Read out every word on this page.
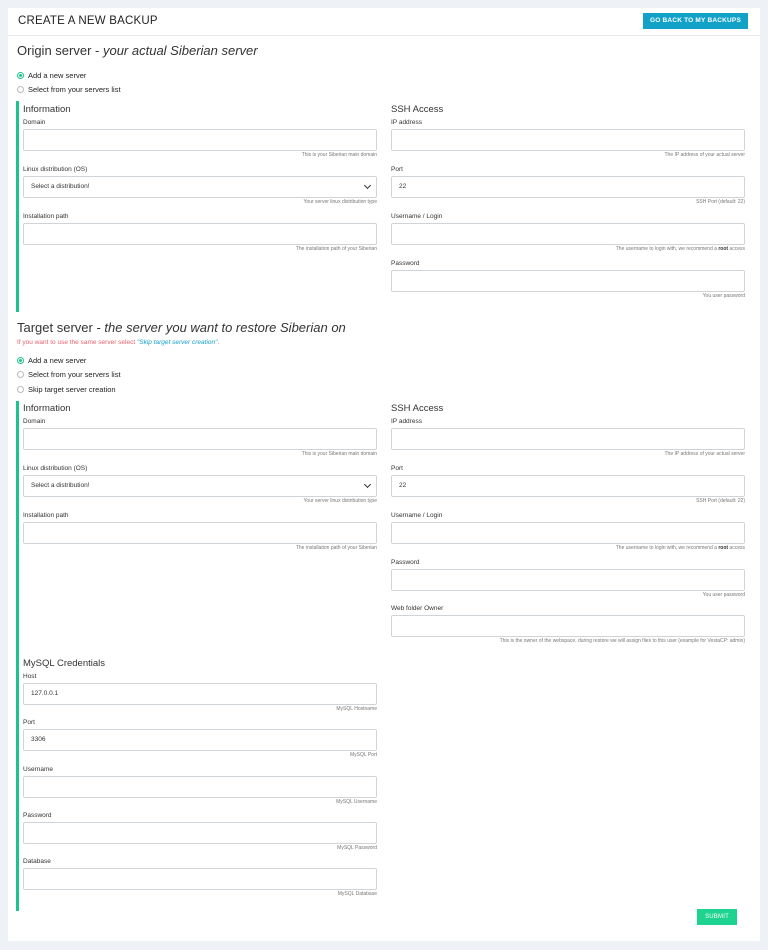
CREATE A NEW BACKUP	GO BACK TO MY BACKUPS
Origin server - your actual Siberian server
Add a new server
Select from your servers list
Information	SSH Access
Domain
This is your Siberian main domain
Linux distribution (OS)
Select a distribution!
Your server linux distribution type
Installation path
The installation path of your Siberian
IP address
The IP address of your actual server
Port
22
SSH Port (default: 22)
Username / Login
The username to login with, we recommend a root access
Password
You user password
Target server - the server you want to restore Siberian on
If you want to use the same server select "Skip target server creation".
Add a new server
Select from your servers list
Skip target server creation
Information	SSH Access
Domain
This is your Siberian main domain
Linux distribution (OS)
Select a distribution!
Your server linux distribution type
Installation path
The installation path of your Siberian
IP address
The IP address of your actual server
Port
22
SSH Port (default: 22)
Username / Login
The username to login with, we recommend a root access
Password
You user password
Web folder Owner
This is the owner of the webspace, during restore we will assign files to this user (example for VestaCP: admin)
MySQL Credentials
Host
127.0.0.1
MySQL Hostname
Port
3306
MySQL Port
Username
MySQL Username
Password
MySQL Password
Database
MySQL Database
SUBMIT
